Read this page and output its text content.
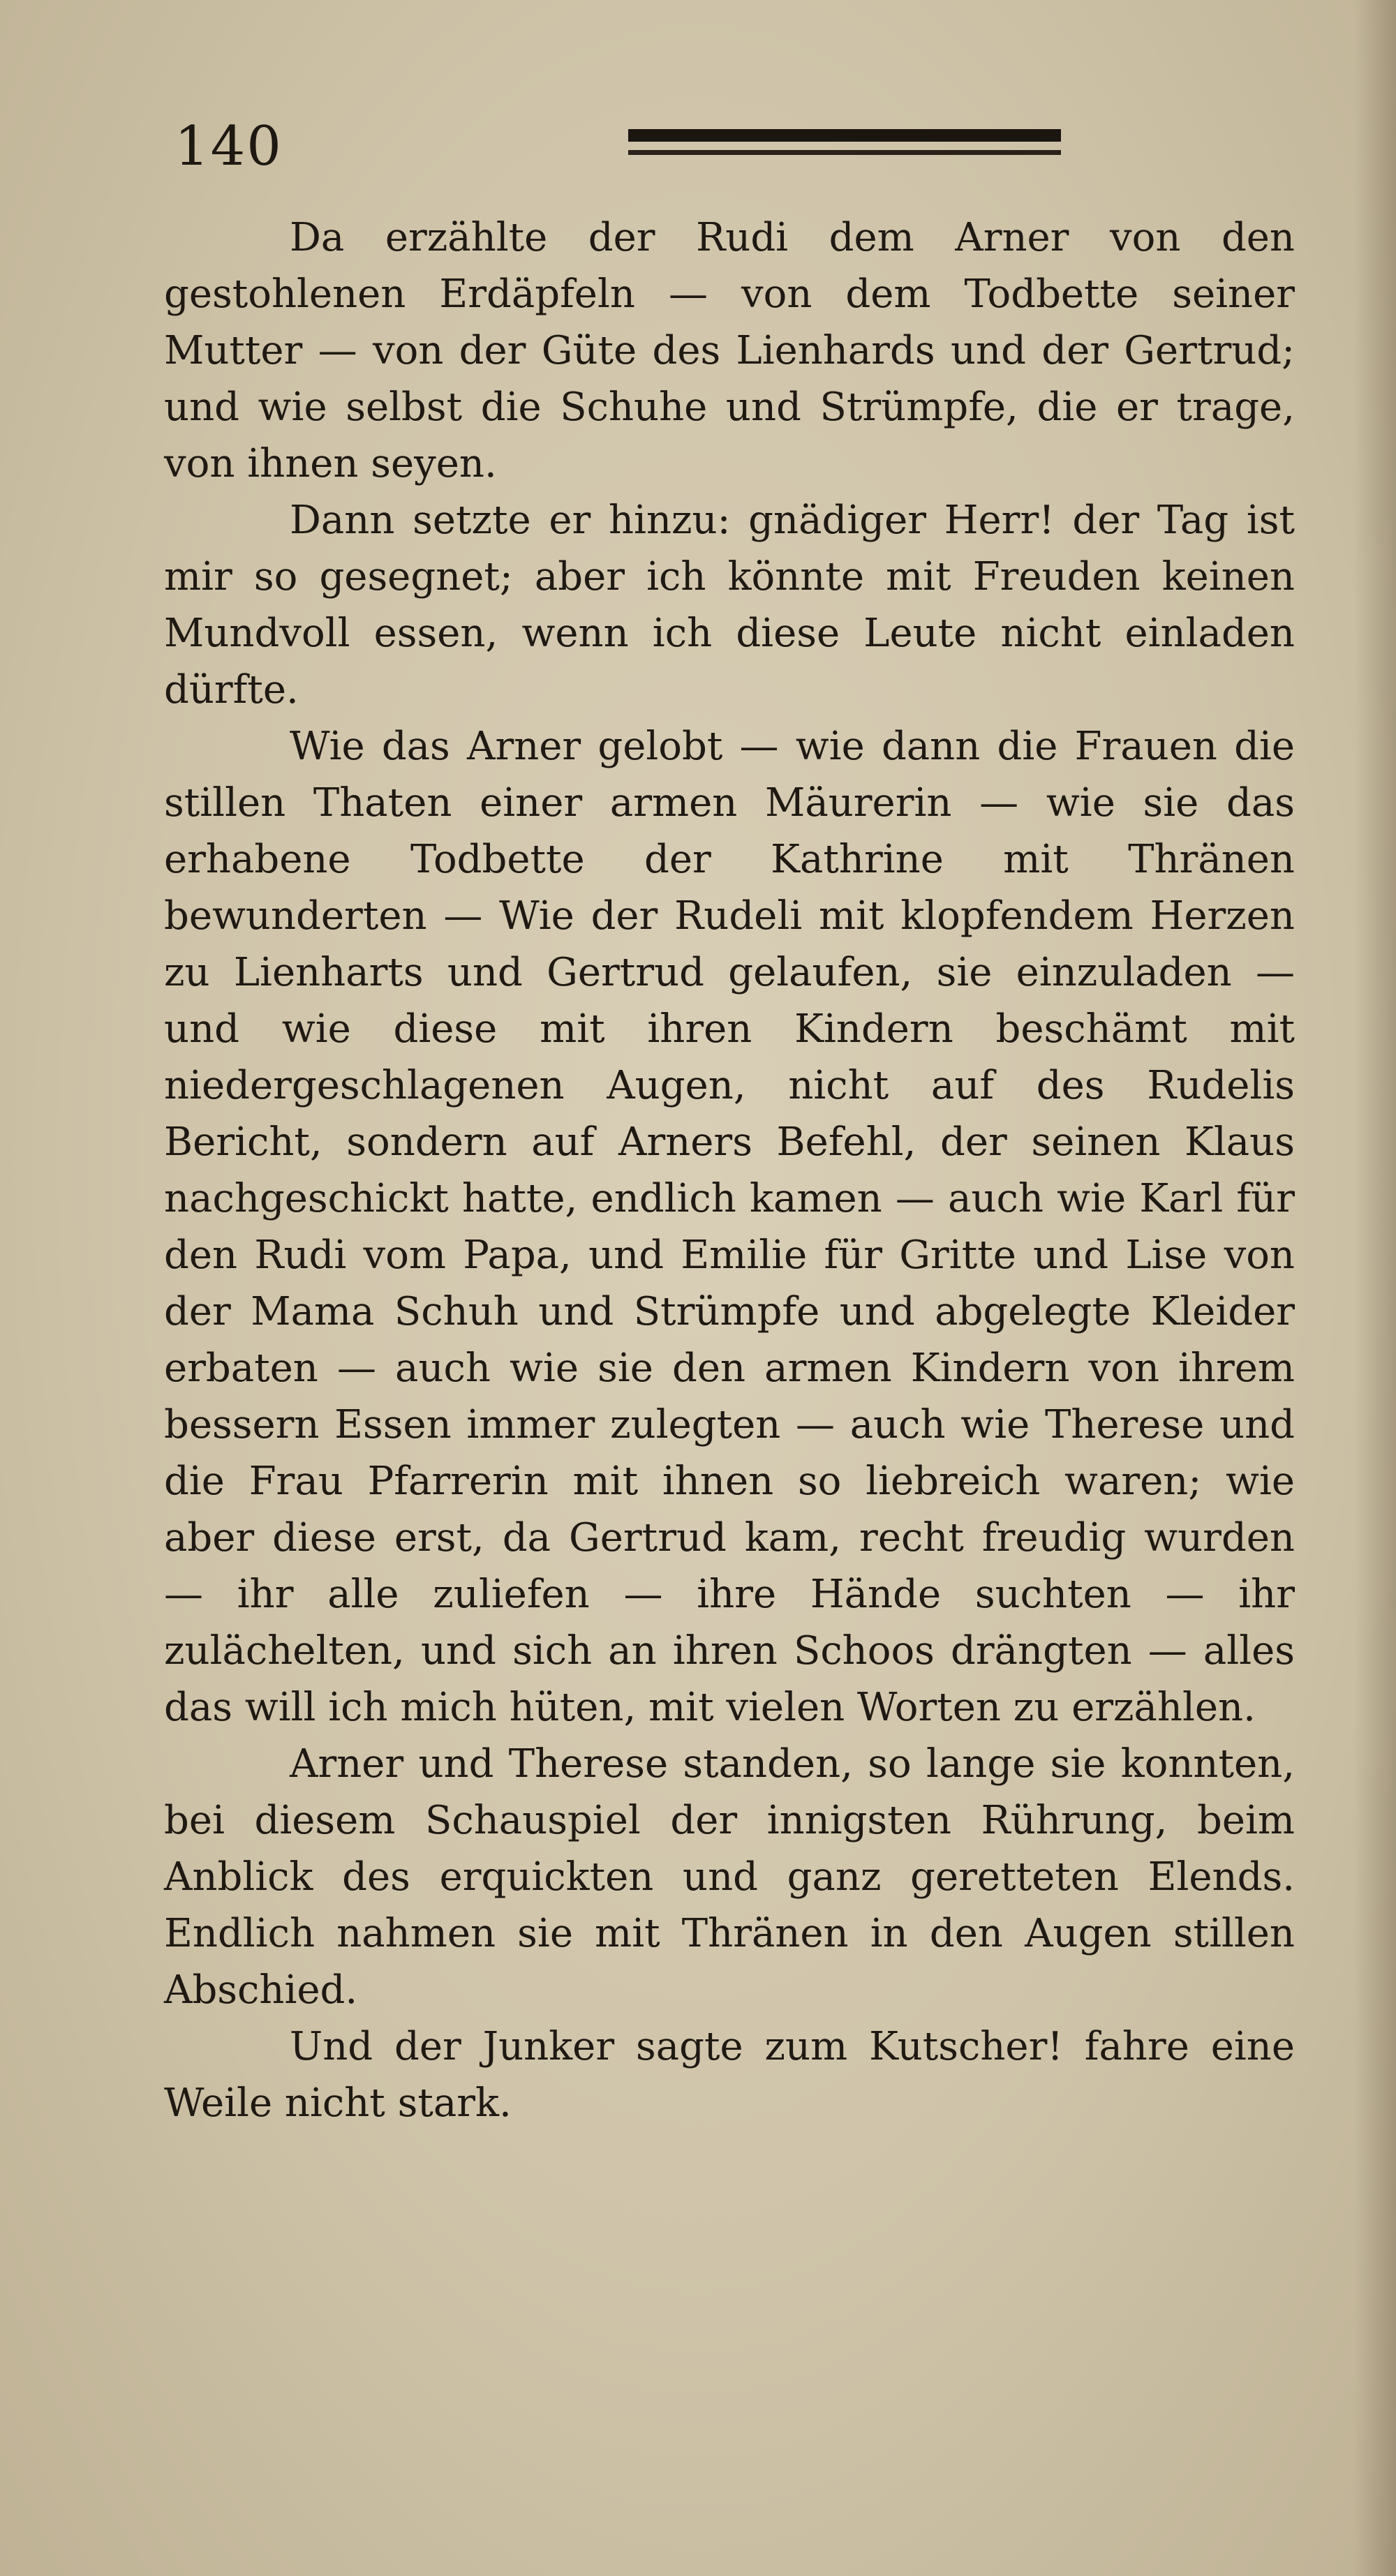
140

Da erzählte der Rudi dem Arner von den gestohlenen Erdäpfeln — von dem Todbette seiner Mutter — von der Güte des Lienhards und der Gertrud; und wie selbst die Schuhe und Strümpfe, die er trage, von ihnen seyen.

Dann setzte er hinzu: gnädiger Herr! der Tag ist mir so gesegnet; aber ich könnte mit Freuden keinen Mundvoll essen, wenn ich diese Leute nicht einladen dürfte.

Wie das Arner gelobt — wie dann die Frauen die stillen Thaten einer armen Mäurerin — wie sie das erhabene Todbette der Kathrine mit Thränen bewunderten — Wie der Rudeli mit klopfendem Herzen zu Lienharts und Gertrud gelaufen, sie einzuladen — und wie diese mit ihren Kindern beschämt mit niedergeschlagenen Augen, nicht auf des Rudelis Bericht, sondern auf Arners Befehl, der seinen Klaus nachgeschickt hatte, endlich kamen — auch wie Karl für den Rudi vom Papa, und Emilie für Gritte und Lise von der Mama Schuh und Strümpfe und abgelegte Kleider erbaten — auch wie sie den armen Kindern von ihrem bessern Essen immer zulegten — auch wie Therese und die Frau Pfarrerin mit ihnen so liebreich waren; wie aber diese erst, da Gertrud kam, recht freudig wurden — ihr alle zuliefen — ihre Hände suchten — ihr zulächelten, und sich an ihren Schoos drängten — alles das will ich mich hüten, mit vielen Worten zu erzählen.

Arner und Therese standen, so lange sie konnten, bei diesem Schauspiel der innigsten Rührung, beim Anblick des erquickten und ganz geretteten Elends. Endlich nahmen sie mit Thränen in den Augen stillen Abschied.

Und der Junker sagte zum Kutscher! fahre eine Weile nicht stark.
